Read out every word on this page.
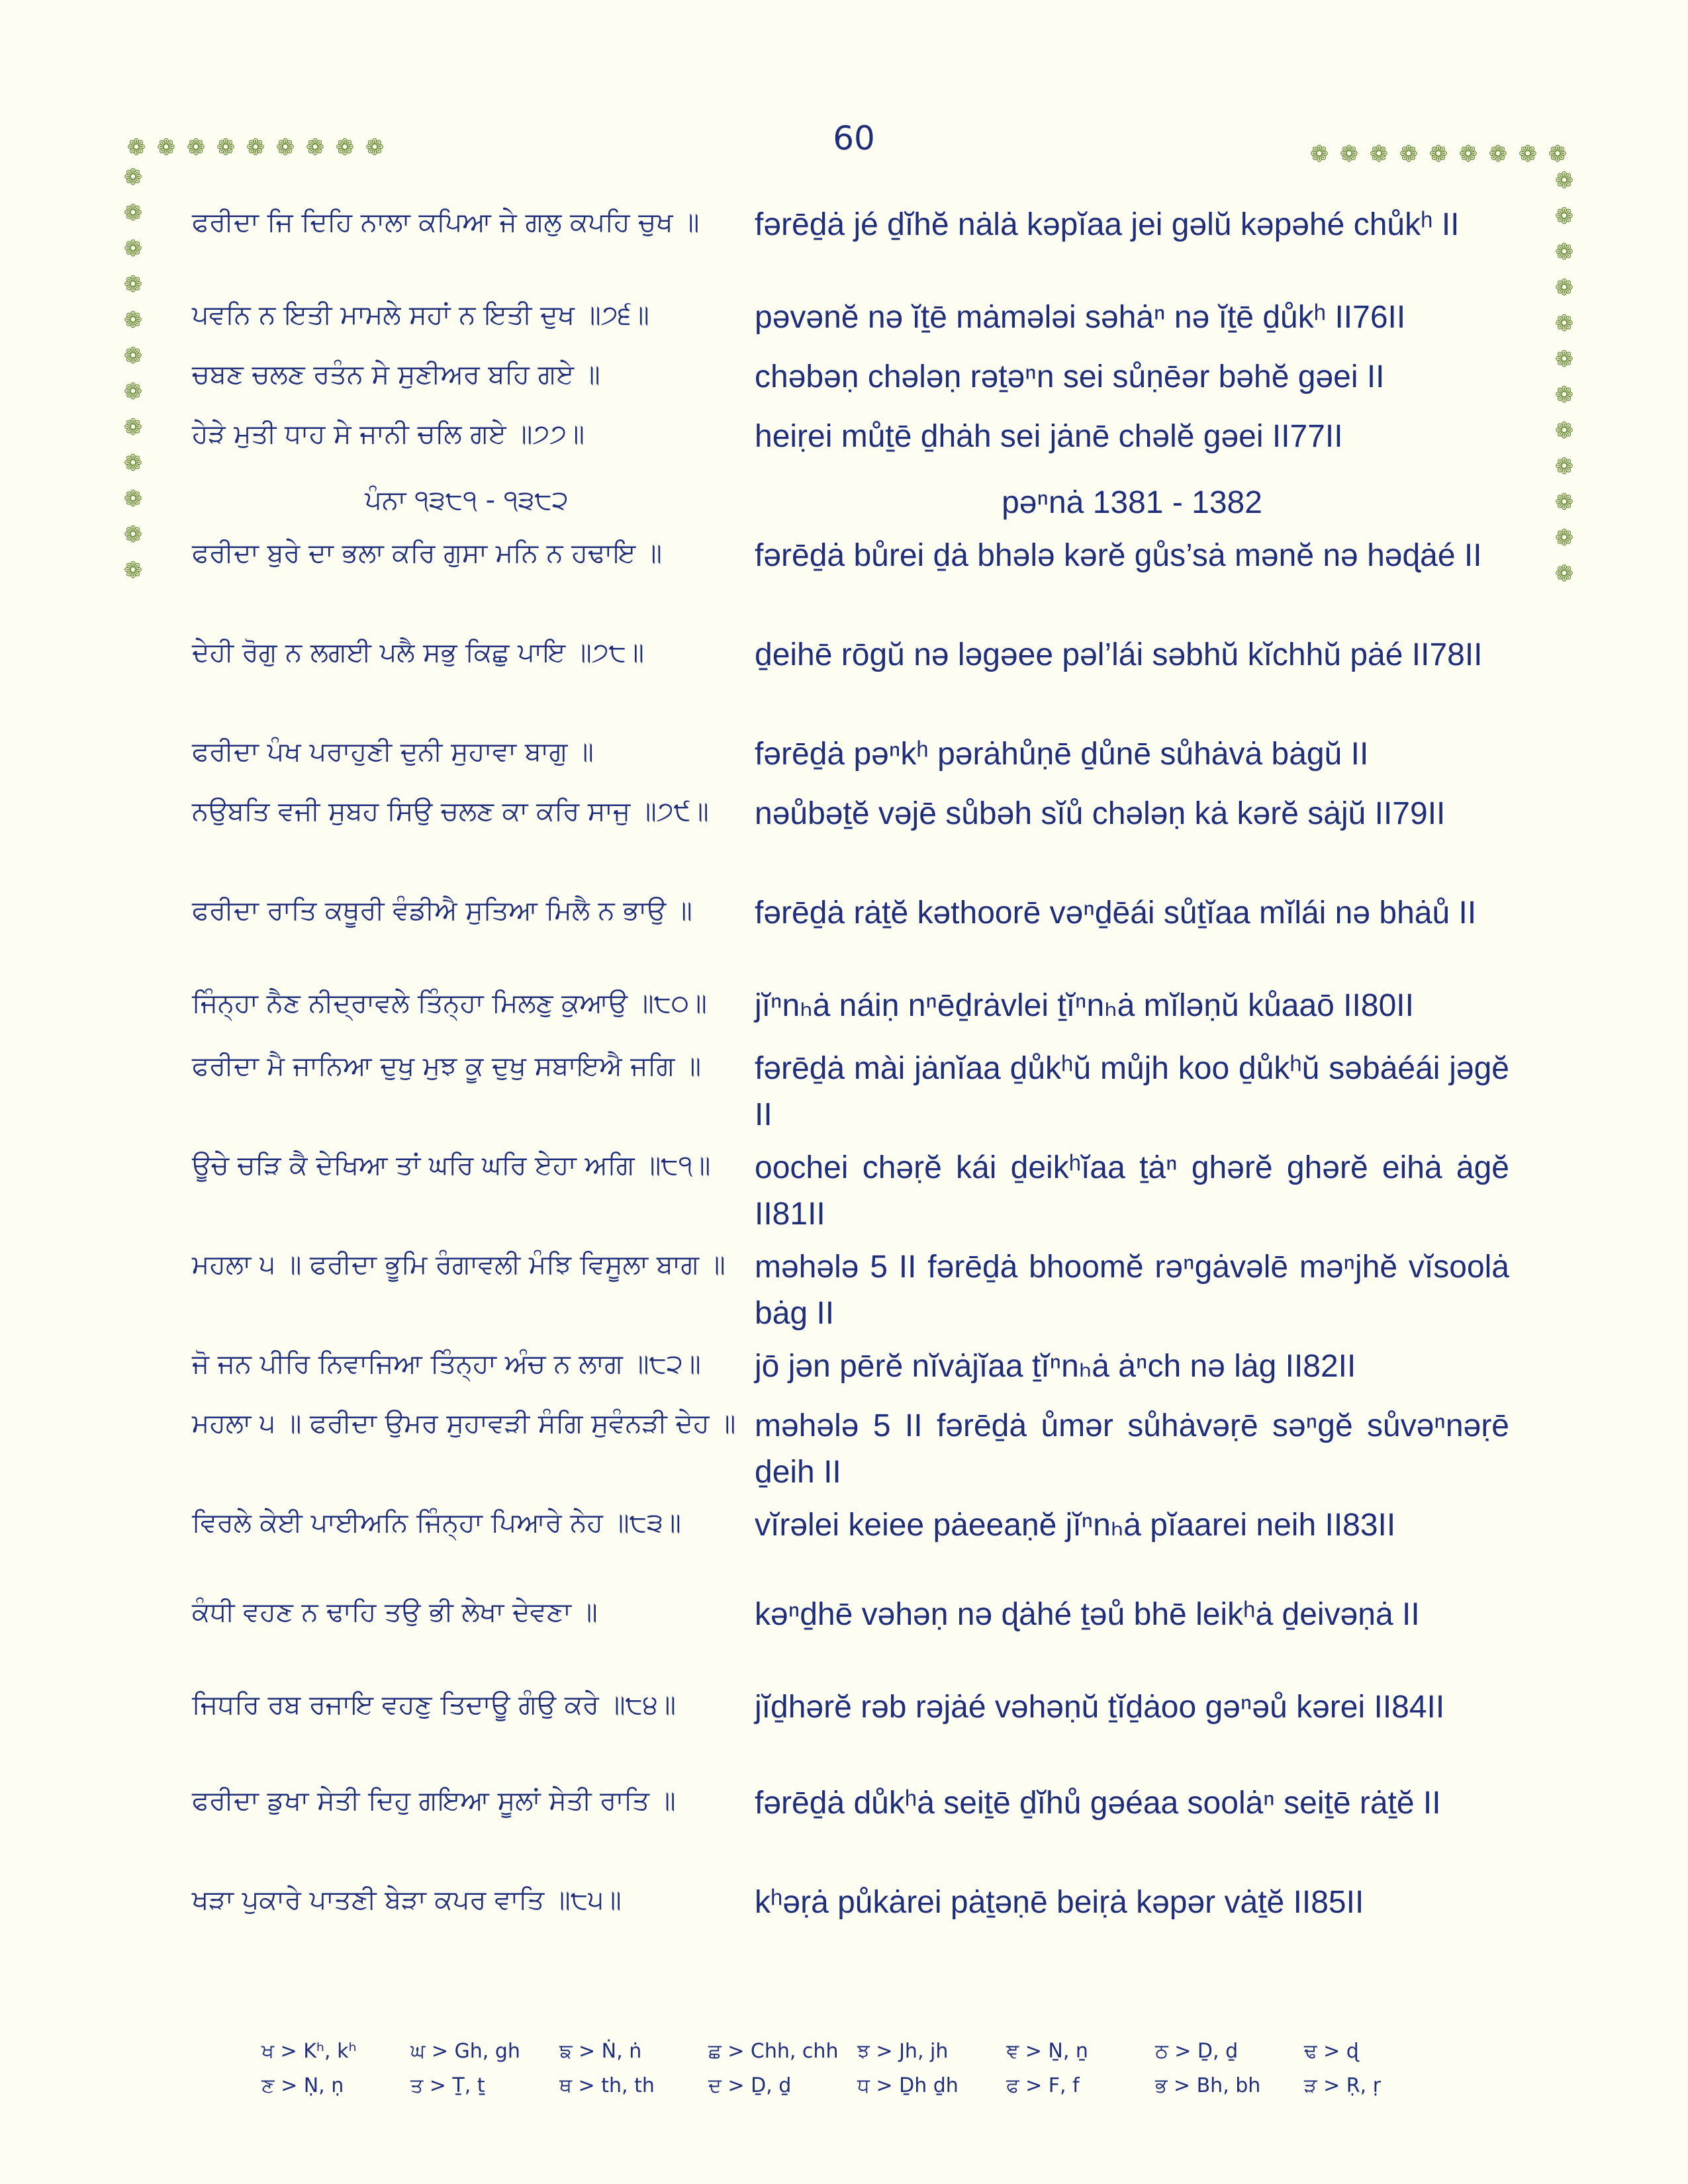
60
❁ ❁ ❁ ❁ ❁ ❁ ❁ ❁ ❁	❁ ❁ ❁ ❁ ❁ ❁ ❁ ❁ ❁
❁
❁
❁
❁
❁
❁
❁
❁
❁
❁
❁
❁
❁
❁
❁
❁
❁
❁
❁
❁
❁
❁
❁
❁
ਫਰੀਦਾ ਜਿ ਦਿਹਿ ਨਾਲਾ ਕਪਿਆ ਜੇ ਗਲੁ ਕਪਹਿ ਚੁਖ ॥	fərēḏȧ jé ḏĭhĕ nȧlȧ kəpĭaa jei gəlŭ kəpəhé chůkʰ II
ਪਵਨਿ ਨ ਇਤੀ ਮਾਮਲੇ ਸਹਾਂ ਨ ਇਤੀ ਦੁਖ ॥੭੬॥	pəvənĕ nə ĭṯē mȧmələi səhȧⁿ nə ĭṯē ḏůkʰ II76II
ਚਬਣ ਚਲਣ ਰਤੰਨ ਸੇ ਸੁਣੀਅਰ ਬਹਿ ਗਏ ॥	chəbəṇ chələṇ rəṯəⁿn sei sůṇēər bəhĕ gəei II
ਹੇੜੇ ਮੁਤੀ ਧਾਹ ਸੇ ਜਾਨੀ ਚਲਿ ਗਏ ॥੭੭॥	heiṛei můṯē ḏhȧh sei jȧnē chəlĕ gəei II77II
ਪੰਨਾ ੧੩੮੧ - ੧੩੮੨	pəⁿnȧ 1381 - 1382
ਫਰੀਦਾ ਬੁਰੇ ਦਾ ਭਲਾ ਕਰਿ ਗੁਸਾ ਮਨਿ ਨ ਹਢਾਇ ॥	fərēḏȧ bůrei ḏȧ bhələ kərĕ gůs’sȧ mənĕ nə həɖȧé II
ਦੇਹੀ ਰੋਗੁ ਨ ਲਗਈ ਪਲੈ ਸਭੁ ਕਿਛੁ ਪਾਇ ॥੭੮॥	ḏeihē rōgŭ nə ləgəee pəl’lái səbhŭ kĭchhŭ pȧé II78II
ਫਰੀਦਾ ਪੰਖ ਪਰਾਹੁਣੀ ਦੁਨੀ ਸੁਹਾਵਾ ਬਾਗੁ ॥	fərēḏȧ pəⁿkʰ pərȧhůṇē ḏůnē sůhȧvȧ bȧgŭ II
ਨਉਬਤਿ ਵਜੀ ਸੁਬਹ ਸਿਉ ਚਲਣ ਕਾ ਕਰਿ ਸਾਜੁ ॥੭੯॥	nəůbəṯĕ vəjē sůbəh sĭů chələṇ kȧ kərĕ sȧjŭ II79II
ਫਰੀਦਾ ਰਾਤਿ ਕਥੂਰੀ ਵੰਡੀਐ ਸੁਤਿਆ ਮਿਲੈ ਨ ਭਾਉ ॥	fərēḏȧ rȧṯĕ kəthoorē vəⁿḏēái sůṯĭaa mĭlái nə bhȧů II
ਜਿੰਨ੍ਹਾ ਨੈਣ ਨੀਦ੍ਰਾਵਲੇ ਤਿੰਨ੍ਹਾ ਮਿਲਣੁ ਕੁਆਉ ॥੮੦॥	jĭⁿnₕȧ náiṇ nⁿēḏrȧvlei ṯĭⁿnₕȧ mĭləṇŭ kůaaō II80II
ਫਰੀਦਾ ਮੈ ਜਾਨਿਆ ਦੁਖੁ ਮੁਝ ਕੂ ਦੁਖੁ ਸਬਾਇਐ ਜਗਿ ॥	fərēḏȧ mài jȧnĭaa ḏůkʰŭ můjh koo ḏůkʰŭ səbȧéái jəgĕ II
ਊਚੇ ਚੜਿ ਕੈ ਦੇਖਿਆ ਤਾਂ ਘਰਿ ਘਰਿ ਏਹਾ ਅਗਿ ॥੮੧॥	oochei chəṛĕ kái ḏeikʰĭaa ṯȧⁿ ghərĕ ghərĕ eihȧ ȧgĕ II81II
ਮਹਲਾ ੫ ॥ ਫਰੀਦਾ ਭੂਮਿ ਰੰਗਾਵਲੀ ਮੰਝਿ ਵਿਸੂਲਾ ਬਾਗ ॥ məhələ 5 II fərēḏȧ bhoomĕ rəⁿgȧvəlē məⁿjhĕ vĭsoolȧ bȧg II
ਜੋ ਜਨ ਪੀਰਿ ਨਿਵਾਜਿਆ ਤਿੰਨ੍ਹਾ ਅੰਚ ਨ ਲਾਗ ॥੮੨॥	jō jən pērĕ nĭvȧjĭaa ṯĭⁿnₕȧ ȧⁿch nə lȧg II82II
ਮਹਲਾ ੫ ॥ ਫਰੀਦਾ ਉਮਰ ਸੁਹਾਵੜੀ ਸੰਗਿ ਸੁਵੰਨੜੀ ਦੇਹ ॥ məhələ 5 II fərēḏȧ ůmər sůhȧvəṛē səⁿgĕ sůvəⁿnəṛē ḏeih II
ਵਿਰਲੇ ਕੇਈ ਪਾਈਅਨਿ ਜਿੰਨ੍ਹਾ ਪਿਆਰੇ ਨੇਹ ॥੮੩॥	vĭrəlei keiee pȧeeaṇĕ jĭⁿnₕȧ pĭaarei neih II83II
ਕੰਧੀ ਵਹਣ ਨ ਢਾਹਿ ਤਉ ਭੀ ਲੇਖਾ ਦੇਵਣਾ ॥	kəⁿḏhē vəhəṇ nə ɖȧhé ṯəů bhē leikʰȧ ḏeivəṇȧ II
ਜਿਧਰਿ ਰਬ ਰਜਾਇ ਵਹਣੁ ਤਿਦਾਊ ਗੰਉ ਕਰੇ ॥੮੪॥	jĭḏhərĕ rəb rəjȧé vəhəṇŭ ṯĭḏȧoo gəⁿəů kərei II84II
ਫਰੀਦਾ ਡੁਖਾ ਸੇਤੀ ਦਿਹੁ ਗਇਆ ਸੂਲਾਂ ਸੇਤੀ ਰਾਤਿ ॥	fərēḏȧ důkʰȧ seiṯē ḏĭhů gəéaa soolȧⁿ seiṯē rȧṯĕ II
ਖੜਾ ਪੁਕਾਰੇ ਪਾਤਣੀ ਬੇੜਾ ਕਪਰ ਵਾਤਿ ॥੮੫॥	kʰəṛȧ půkȧrei pȧṯəṇē beiṛȧ kəpər vȧṯĕ II85II
ਖ > Kʰ, kʰ	ਘ > Gh, gh	ਙ > Ṅ, ṅ	ਛ > Chh, chh ਝ > Jh, jh	ਞ > Ṉ, ṉ	ਠ > Ḏ, ḏ	ਢ > ɖ
ਣ > Ṇ, ṇ	ਤ > Ṯ, ṯ	ਥ > th, th	ਦ > Ḏ, ḏ	ਧ > Ḏh ḏh	ਫ > F, f	ਭ > Bh, bh	ੜ > Ṛ, ṛ
